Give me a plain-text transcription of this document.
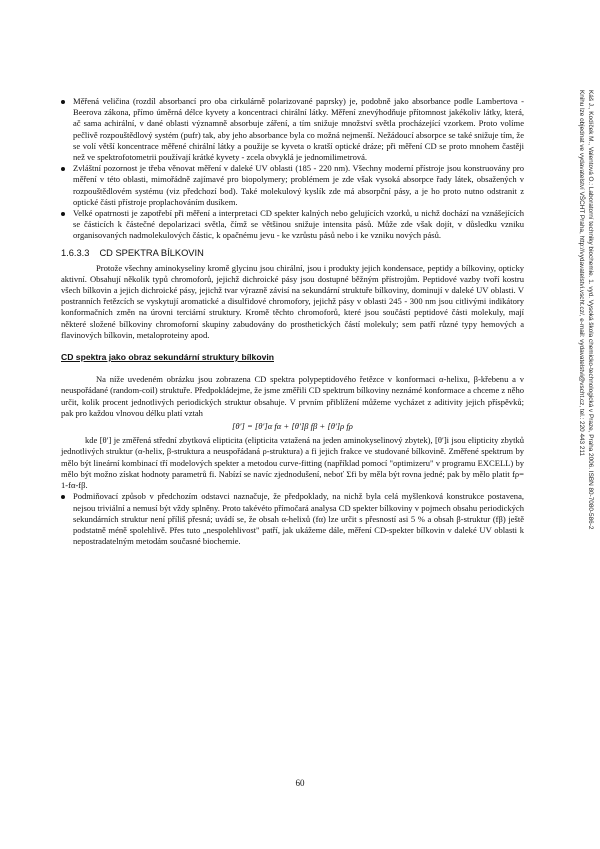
Měřená veličina (rozdíl absorbancí pro oba cirkulárně polarizované paprsky) je, podobně jako absorbance podle Lambertova - Beerova zákona, přímo úměrná délce kyvety a koncentraci chirální látky. Měření znevýhodňuje přítomnost jakékoliv látky, která, ač sama achirální, v dané oblasti významně absorbuje záření, a tím snižuje množství světla procházející vzorkem. Proto volíme pečlivě rozpouštědlový systém (pufr) tak, aby jeho absorbance byla co možná nejmenší. Nežádoucí absorpce se také snižuje tím, že se volí větší koncentrace měřené chirální látky a použije se kyveta o kratší optické dráze; při měření CD se proto mnohem častěji než ve spektrofotometrii používají krátké kyvety - zcela obvyklá je jednomilimetrová.
Zvláštní pozornost je třeba věnovat měření v daleké UV oblasti (185 - 220 nm). Všechny moderní přístroje jsou konstruovány pro měření v této oblasti, mimořádně zajímavé pro biopolymery; problémem je zde však vysoká absorpce řady látek, obsažených v rozpouštědlovém systému (viz předchozí bod). Také molekulový kyslík zde má absorpční pásy, a je ho proto nutno odstranit z optické části přístroje proplachováním dusíkem.
Velké opatrnosti je zapotřebí při měření a interpretaci CD spekter kalných nebo gelujících vzorků, u nichž dochází na vznášejících se částicích k částečné depolarizaci světla, čímž se většinou snižuje intensita pásů. Může zde však dojít, v důsledku vzniku organisovaných nadmolekulových částic, k opačnému jevu - ke vzrůstu pásů nebo i ke vzniku nových pásů.
1.6.3.3 CD SPEKTRA BÍLKOVIN

Protože všechny aminokyseliny kromě glycinu jsou chirální, jsou i produkty jejich kondensace, peptidy a bílkoviny, opticky aktivní. Obsahují několik typů chromoforů, jejichž dichroické pásy jsou dostupné běžným přístrojům. Peptidové vazby tvoří kostru všech bílkovin a jejich dichroické pásy, jejichž tvar výrazně závisí na sekundární struktuře bílkoviny, dominují v daleké UV oblasti. V postranních řetězcích se vyskytují aromatické a disulfidové chromofory, jejichž pásy v oblasti 245 - 300 nm jsou citlivými indikátory konformačních změn na úrovni terciární struktury. Kromě těchto chromoforů, které jsou součástí peptidové části molekuly, mají některé složené bílkoviny chromoforní skupiny zabudovány do prosthetických částí molekuly; sem patří různé typy hemových a flavinových bílkovin, metaloproteiny apod.

CD spektra jako obraz sekundární struktury bílkovin

Na níže uvedeném obrázku jsou zobrazena CD spektra polypeptidového řetězce v konformaci α-helixu, β-křebenu a v neuspořádané (random-coil) struktuře. Předpokládejme, že jsme změřili CD spektrum bílkoviny neznámé konformace a chceme z něho určit, kolik procent jednotlivých periodických struktur obsahuje. V prvním přiblížení můžeme vycházet z aditivity jejich příspěvků; pak pro každou vlnovou délku platí vztah

[θ′] = [θ′]α fα + [θ′]β fβ + [θ′]ρ fρ

kde [θ′] je změřená střední zbytková elipticita (elipticita vztažená na jeden aminokyselinový zbytek), [θ′]i jsou elipticity zbytků jednotlivých struktur (α-helix, β-struktura a neuspořádaná ρ-struktura) a fi jejich frakce ve studované bílkovině. Změřené spektrum by mělo být lineární kombinací tří modelových spekter a metodou curve-fitting (například pomocí "optimizeru" v programu EXCELL) by mělo být možno získat hodnoty parametrů fi. Nabízí se navíc zjednodušení, neboť Σfi by měla být rovna jedné; pak by mělo platit fρ= 1-fα-fβ.

Podmiňovací způsob v předchozím odstavci naznačuje, že předpoklady, na nichž byla celá myšlenková konstrukce postavena, nejsou triviální a nemusí být vždy splněny. Proto takévéto přímočará analysa CD spekter bílkoviny v pojmech obsahu periodických sekundárních struktur není příliš přesná; uvádí se, že obsah α-helixů (fα) lze určit s přesností asi 5 % a obsah β-struktur (fβ) ještě podstatně méně spolehlivě. Přes tuto „nespolehlivost" patří, jak ukážeme dále, měření CD-spekter bílkovin v daleké UV oblasti k nepostradatelným metodám současné biochemie.
Káš J., Kodíček M., Valentová O.: Laboratorní techniky biochemie. 1. vyd. Vysoká škola chemicko-technologická v Praze, Praha 2006. ISBN 80-7080-586-2
Knihu lze objednat ve vydavatelství VŠCHT Praha, http://vydavatelstvi.vscht.cz/, e-mail: vydavatelstvi@vscht.cz, tel.: 220 443 211
60
